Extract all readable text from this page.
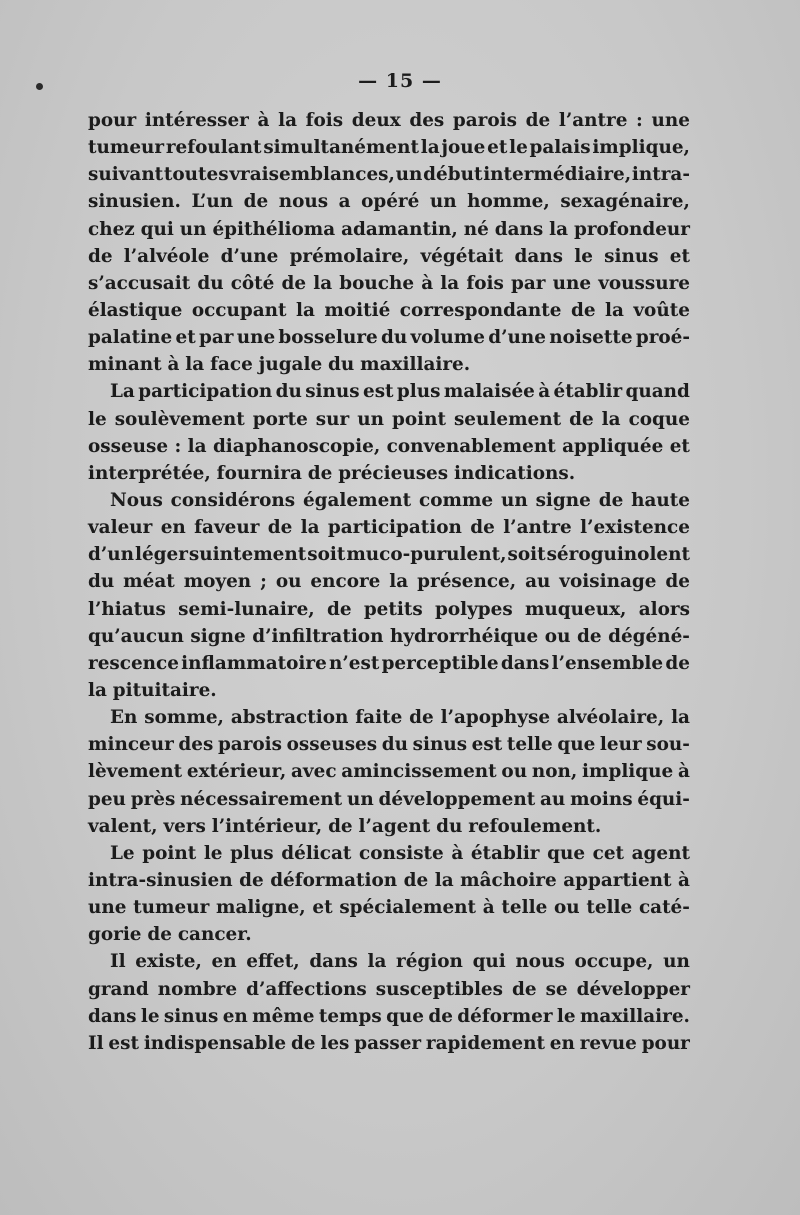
— 15 —
pour intéresser à la fois deux des parois de l’antre : une
tumeur refoulant simultanément la joue et le palais implique,
suivant toutes vraisemblances, un début intermédiaire, intra-
sinusien. L’un de nous a opéré un homme, sexagénaire,
chez qui un épithélioma adamantin, né dans la profondeur
de l’alvéole d’une prémolaire, végétait dans le sinus et
s’accusait du côté de la bouche à la fois par une voussure
élastique occupant la moitié correspondante de la voûte
palatine et par une bosselure du volume d’une noisette proé-
minant à la face jugale du maxillaire.
La participation du sinus est plus malaisée à établir quand
le soulèvement porte sur un point seulement de la coque
osseuse : la diaphanoscopie, convenablement appliquée et
interprétée, fournira de précieuses indications.
Nous considérons également comme un signe de haute
valeur en faveur de la participation de l’antre l’existence
d’un léger suintement soit muco-purulent, soit séroguinolent
du méat moyen ; ou encore la présence, au voisinage de
l’hiatus semi-lunaire, de petits polypes muqueux, alors
qu’aucun signe d’infiltration hydrorrhéique ou de dégéné-
rescence inflammatoire n’est perceptible dans l’ensemble de
la pituitaire.
En somme, abstraction faite de l’apophyse alvéolaire, la
minceur des parois osseuses du sinus est telle que leur sou-
lèvement extérieur, avec amincissement ou non, implique à
peu près nécessairement un développement au moins équi-
valent, vers l’intérieur, de l’agent du refoulement.
Le point le plus délicat consiste à établir que cet agent
intra-sinusien de déformation de la mâchoire appartient à
une tumeur maligne, et spécialement à telle ou telle caté-
gorie de cancer.
Il existe, en effet, dans la région qui nous occupe, un
grand nombre d’affections susceptibles de se développer
dans le sinus en même temps que de déformer le maxillaire.
Il est indispensable de les passer rapidement en revue pour
